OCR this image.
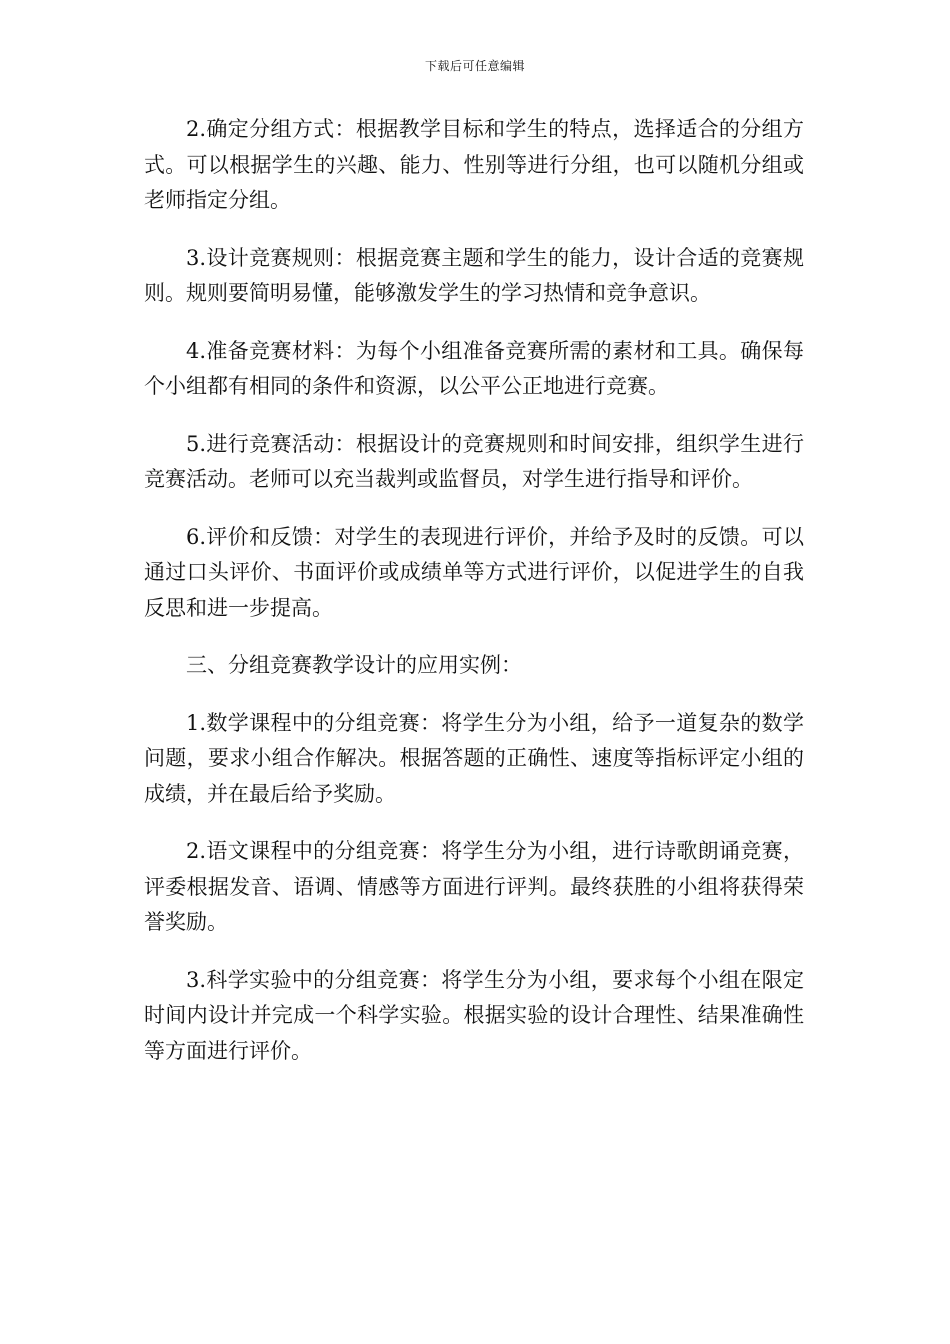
下载后可任意编辑

2.确定分组方式：根据教学目标和学生的特点，选择适合的分组方式。可以根据学生的兴趣、能力、性别等进行分组，也可以随机分组或老师指定分组。

3.设计竞赛规则：根据竞赛主题和学生的能力，设计合适的竞赛规则。规则要简明易懂，能够激发学生的学习热情和竞争意识。

4.准备竞赛材料：为每个小组准备竞赛所需的素材和工具。确保每个小组都有相同的条件和资源，以公平公正地进行竞赛。

5.进行竞赛活动：根据设计的竞赛规则和时间安排，组织学生进行竞赛活动。老师可以充当裁判或监督员，对学生进行指导和评价。

6.评价和反馈：对学生的表现进行评价，并给予及时的反馈。可以通过口头评价、书面评价或成绩单等方式进行评价，以促进学生的自我反思和进一步提高。

三、分组竞赛教学设计的应用实例：

1.数学课程中的分组竞赛：将学生分为小组，给予一道复杂的数学问题，要求小组合作解决。根据答题的正确性、速度等指标评定小组的成绩，并在最后给予奖励。

2.语文课程中的分组竞赛：将学生分为小组，进行诗歌朗诵竞赛，评委根据发音、语调、情感等方面进行评判。最终获胜的小组将获得荣誉奖励。

3.科学实验中的分组竞赛：将学生分为小组，要求每个小组在限定时间内设计并完成一个科学实验。根据实验的设计合理性、结果准确性等方面进行评价。
